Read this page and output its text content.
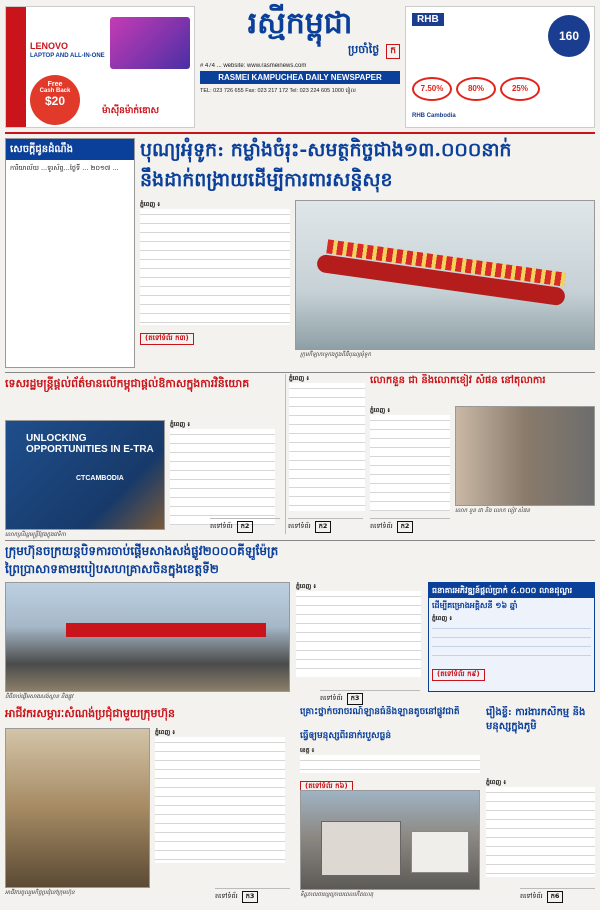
LENOVO
LAPTOP AND ALL-IN-ONE
Free
Cash Back
$20
ម៉ាស៊ីនម៉ាក់ឌោស
រស្មីកម្ពុជា
ប្រចាំថ្ងៃ ក
# 474 ... website: www.rasmeinews.com
RASMEI KAMPUCHEA DAILY NEWSPAPER
TEL: 023 726 655 Fax: 023 217 172 Tel: 023 224 605 1000 រៀល
RHB
160
7.50%	80%	25%
RHB Cambodia
សេចក្តីជូនដំណឹង
ការិយាល័យ ...ទូរស័ព្ទ...ថ្ងៃទី ... ២០១៧ ...
បុណ្យអុំទូក: កម្លាំងចំរុះ-សមត្ថកិច្ចជាង១៣.០០០នាក់
នឹងដាក់ពង្រាយដើម្បីការពារសន្តិសុខ
ភ្នំពេញ ៖
(តទៅទំព័រ ក៣)
ក្រុមកីឡាករទូកងក្នុងពិធីបុណ្យអុំទូក
ទេសរដ្ឋមន្ត្រីផ្តល់ព័ត៌មានលើកម្ពុជាផ្តល់ឱកាសក្នុងការវិនិយោគ
UNLOCKING OPPORTUNITIES IN E-TRA
CTCAMBODIA
លោកស្រីរដ្ឋមន្ត្រីថ្លែងក្នុងវេទិកា
ភ្នំពេញ ៖
តទៅទំព័រ ក2
ភ្នំពេញ ៖
តទៅទំព័រ ក2
លោកនួន ជា និងលោកខៀវ សំផន នៅតុលាការ
ភ្នំពេញ ៖
តទៅទំព័រ ក2
លោក នួន ជា និង លោក ខៀវ សំផន
ក្រុមហ៊ុនចក្រយន្តបិទការចាប់ផ្តើមសាងសង់ផ្លូវ២០០០គីឡូម៉ែត្រ
ព្រៃប្រាសាទតាមរបៀបសហគ្រាសចិនក្នុងខេត្តទី២
ពិធីចាប់ផ្តើមសាងសង់ស្ពាន និងផ្លូវ
ភ្នំពេញ ៖
តទៅទំព័រ ក3
ធនាគារអភិវឌ្ឍន៍ផ្តល់ប្រាក់ ៤.០០០ លានដុល្លារ
ដើម្បីគម្រោងអគ្គិសនី ១៦ ឆ្នាំ
ភ្នំពេញ ៖
(តទៅទំព័រ ក៩)
អាជីវករសម្ភារៈសំណង់ប្រជុំជាមួយក្រុមហ៊ុន
អាជីវករចូលរួមកិច្ចប្រជុំនៅក្រុមហ៊ុន
ភ្នំពេញ ៖
តទៅទំព័រ ក3
គ្រោះថ្នាក់ចរាចរណ៍ឡានធំនិងឡានតូចនៅផ្លូវជាតិ
ធ្វើឲ្យមនុស្សពីរនាក់របួសធ្ងន់
ខេត្ត ៖
(តទៅទំព័រ ក៦)
ទិដ្ឋភាពរថយន្តក្រោយពេលកើតហេតុ
រឿងខ្លី: ការងារកសិកម្ម និងមនុស្សក្នុងភូមិ
ភ្នំពេញ ៖
តទៅទំព័រ ក6
